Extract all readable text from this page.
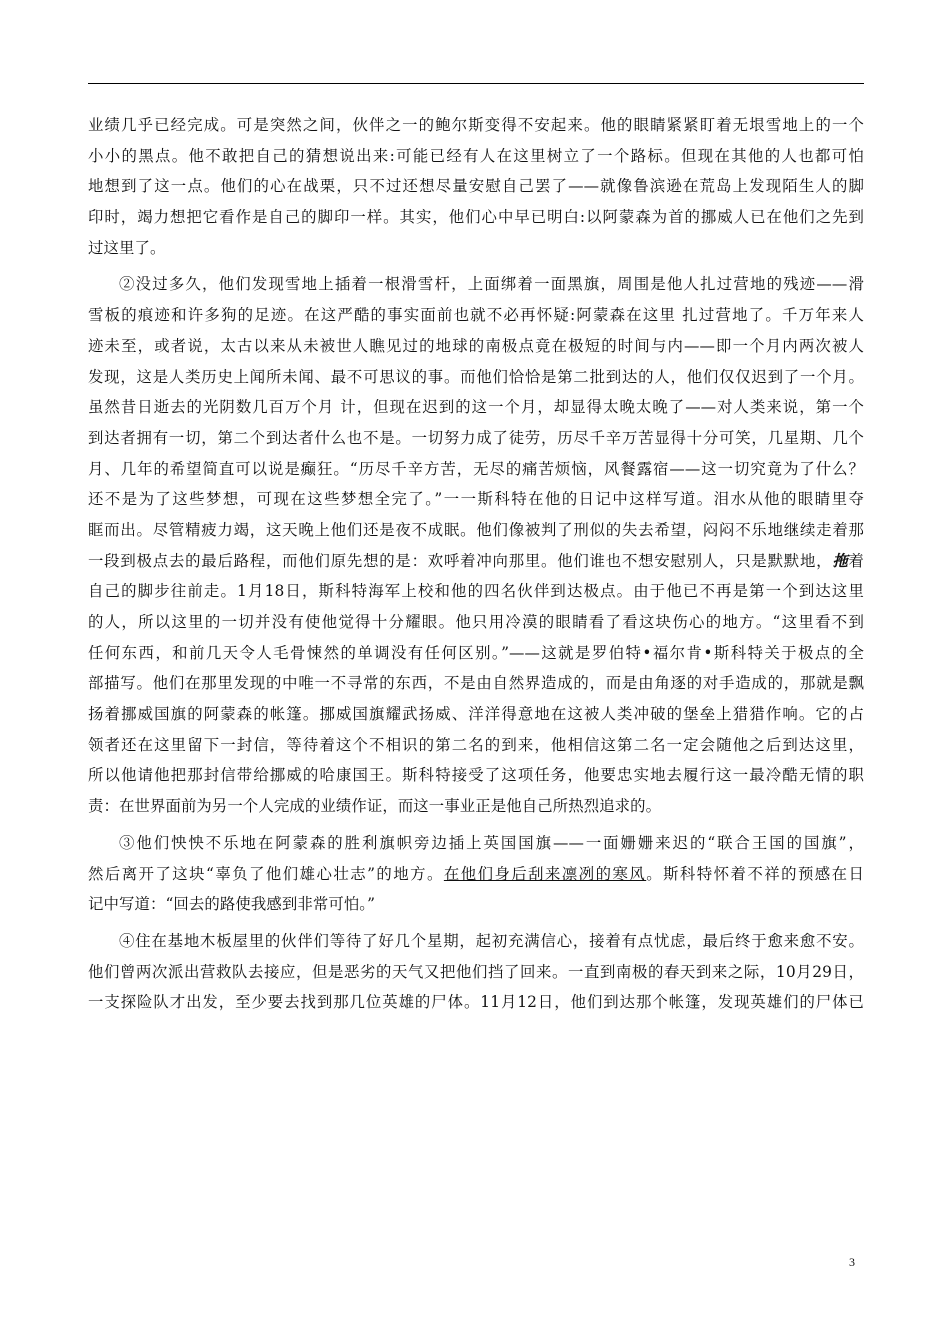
业绩几乎已经完成。可是突然之间，伙伴之一的鲍尔斯变得不安起来。他的眼睛紧紧盯着无垠雪地上的一个
小小的黑点。他不敢把自己的猜想说出来:可能已经有人在这里树立了一个路标。但现在其他的人也都可怕
地想到了这一点。他们的心在战栗，只不过还想尽量安慰自己罢了——就像鲁滨逊在荒岛上发现陌生人的脚
印时，竭力想把它看作是自己的脚印一样。其实，他们心中早已明白:以阿蒙森为首的挪威人已在他们之先到
过这里了。
②没过多久，他们发现雪地上插着一根滑雪杆，上面绑着一面黑旗，周围是他人扎过营地的残迹——滑
雪板的痕迹和许多狗的足迹。在这严酷的事实面前也就不必再怀疑:阿蒙森在这里 扎过营地了。千万年来人
迹未至，或者说，太古以来从未被世人瞧见过的地球的南极点竟在极短的时间与内——即一个月内两次被人
发现，这是人类历史上闻所未闻、最不可思议的事。而他们恰恰是第二批到达的人，他们仅仅迟到了一个月。
虽然昔日逝去的光阴数几百万个月 计，但现在迟到的这一个月，却显得太晚太晚了——对人类来说，第一个
到达者拥有一切，第二个到达者什么也不是。一切努力成了徒劳，历尽千辛万苦显得十分可笑，几星期、几个
月、几年的希望简直可以说是癫狂。“历尽千辛方苦，无尽的痛苦烦恼，风餐露宿——这一切究竟为了什么？
还不是为了这些梦想，可现在这些梦想全完了。”一一斯科特在他的日记中这样写道。泪水从他的眼睛里夺
眶而出。尽管精疲力竭，这天晚上他们还是夜不成眠。他们像被判了刑似的失去希望，闷闷不乐地继续走着那
一段到极点去的最后路程，而他们原先想的是：欢呼着冲向那里。他们谁也不想安慰别人，只是默默地，拖着
自己的脚步往前走。1月18日，斯科特海军上校和他的四名伙伴到达极点。由于他已不再是第一个到达这里
的人，所以这里的一切并没有使他觉得十分耀眼。他只用冷漠的眼睛看了看这块伤心的地方。“这里看不到
任何东西，和前几天令人毛骨悚然的单调没有任何区别。”——这就是罗伯特•福尔肯•斯科特关于极点的全
部描写。他们在那里发现的中唯一不寻常的东西，不是由自然界造成的，而是由角逐的对手造成的，那就是飘
扬着挪威国旗的阿蒙森的帐篷。挪威国旗耀武扬威、洋洋得意地在这被人类冲破的堡垒上猎猎作响。它的占
领者还在这里留下一封信，等待着这个不相识的第二名的到来，他相信这第二名一定会随他之后到达这里，
所以他请他把那封信带给挪威的哈康国王。斯科特接受了这项任务，他要忠实地去履行这一最冷酷无情的职
责：在世界面前为另一个人完成的业绩作证，而这一事业正是他自己所热烈追求的。
③他们怏怏不乐地在阿蒙森的胜利旗帜旁边插上英国国旗——一面姗姗来迟的“联合王国的国旗”，
然后离开了这块“辜负了他们雄心壮志”的地方。在他们身后刮来凛冽的寒风。斯科特怀着不祥的预感在日
记中写道：“回去的路使我感到非常可怕。”
④住在基地木板屋里的伙伴们等待了好几个星期，起初充满信心，接着有点忧虑，最后终于愈来愈不安。
他们曾两次派出营救队去接应，但是恶劣的天气又把他们挡了回来。一直到南极的春天到来之际，10月29日，
一支探险队才出发，至少要去找到那几位英雄的尸体。11月12日，他们到达那个帐篷，发现英雄们的尸体已
3
